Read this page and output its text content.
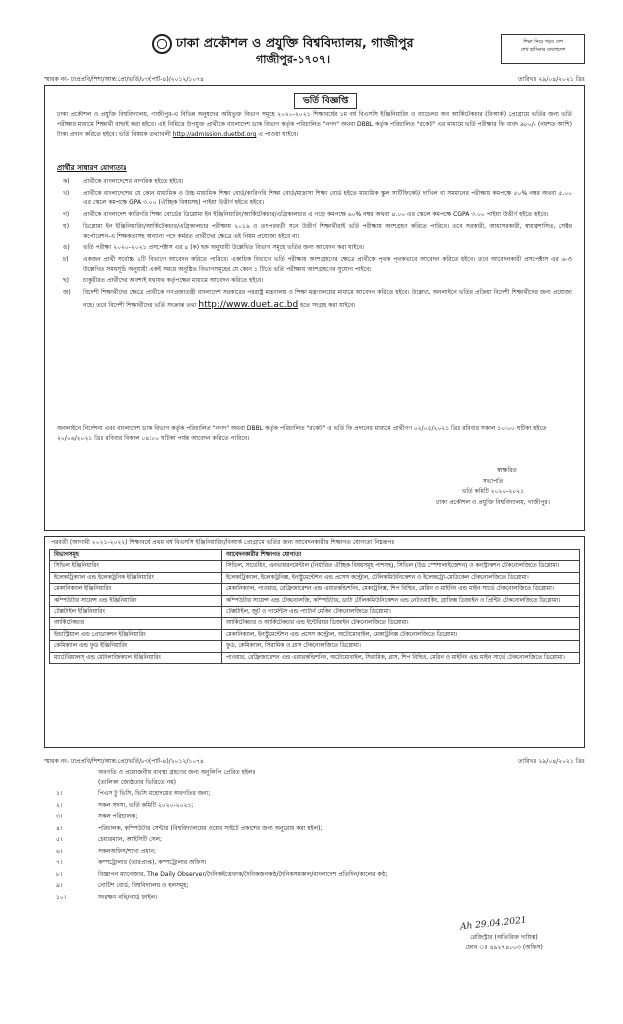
ঢাকা প্রকৌশল ও প্রযুক্তি বিশ্ববিদ্যালয়, গাজীপুর
গাজীপুর-১৭০৭।
শিক্ষা নিয়ে গড়ব দেশ
শেখ হাসিনার বাংলাদেশ
স্মারক নং- ঢাপ্রপ্রবি/শিশা/আন্ত:প্রো/ভর্তি/৮৩(পার্ট-৪)/২০১২/১০৭৪	তারিখঃ ২৯/০৪/২০২১ খ্রিঃ
ভর্তি বিজ্ঞপ্তি
ঢাকা প্রকৌশল ও প্রযুক্তি বিশ্ববিদ্যালয়, গাজীপুর-এ বিভিন্ন অনুষদের অধিভুক্ত বিভাগ সমূহে ২০২০-২০২১ শিক্ষাবর্ষের ১ম বর্ষ বিএসসি ইঞ্জিনিয়ারিং ও ব্যাচেলর অব আর্কিটেকচার (বিআর্ক) প্রোগ্রামে ভর্তির জন্য ভর্তি পরীক্ষার মাধ্যমে শিক্ষার্থী বাছাই করা হইবে। এই নিমিত্তে উপযুক্ত প্রার্থীকে বাংলাদেশ ডাক বিভাগ কর্তৃক পরিচালিত "নগদ" অথবা DBBL কর্তৃক পরিচালিত "রকেট" এর মাধ্যমে ভর্তি পরীক্ষার ফি বাবদ ৯৮০/- (নয়শত আশি) টাকা প্রদান করিতে হইবে। ভর্তি বিষয়ক তথ্যাবলী http://admission.duetbd.org এ পাওয়া যাইবে।
প্রার্থীর সাধারণ যোগ্যতাঃ
ক) প্রার্থীকে বাংলাদেশের নাগরিক হইতে হইবে।
খ) প্রার্থীকে বাংলাদেশের যে কোন মাধ্যমিক ও উচ্চ মাধ্যমিক শিক্ষা বোর্ড/কারিগরি শিক্ষা বোর্ড/মাদ্রাসা শিক্ষা বোর্ড হইতে মাধ্যমিক স্কুল সার্টিফিকেট/ দাখিল বা সমমানের পরীক্ষায় কমপক্ষে ৫০% নম্বর অথবা ৫.০০ এর স্কেলে কমপক্ষে GPA ৩.০০ (ঐচ্ছিক বিষয়সহ) পাইয়া উত্তীর্ণ হইতে হইবে।
গ) প্রার্থীকে বাংলাদেশ কারিগরি শিক্ষা বোর্ডের ডিপ্লোমা ইন ইঞ্জিনিয়ারিং/আর্কিটেকচার/এগ্রিকালচার এ গড়ে কমপক্ষে ৬০% নম্বর অথবা ৪.০০ এর স্কেলে কমপক্ষে CGPA ৩.০০ পাইয়া উত্তীর্ণ হইতে হইবে।
ঘ) ডিপ্লোমা ইন ইঞ্জিনিয়ারিং/আর্কিটেকচার/এগ্রিকালচার পরীক্ষায় ২০১৯ ও তৎপরবর্তী সনে উত্তীর্ণ শিক্ষার্থীরাই ভর্তি পরীক্ষায় অংশগ্রহণ করিতে পারিবে। তবে সরকারী, আধাসরকারী, স্বায়ত্বশাসিত, সেক্টর কর্পোরেশন-এ শিক্ষকতাসহ অন্যান্য পদে কর্মরত প্রার্থীদের ক্ষেত্রে এই নিয়ম প্রযোজ্য হইবে না।
ঙ) ভর্তি পরীক্ষা ২০২০-২০২১ প্রসপেক্টাস এর ৪ (ক) ছক অনুযায়ী উল্লেখিত বিভাগ সমূহে ভর্তির জন্য আবেদন করা যাইবে।
চ) একজন প্রার্থী সর্বোচ্চ ২টি বিভাগে আবেদন করিতে পারিবে। একাধিক বিভাগে ভর্তি পরীক্ষায় অংশগ্রহণের ক্ষেত্রে প্রার্থীকে পৃথক পৃথকভাবে আবেদন করিতে হইবে। তবে আবেদনকারী প্রসপেক্টাস এর ৬-ও উল্লেখিত সময়সূচি অনুযায়ী একই সময়ে অনুষ্ঠিত বিভাগসমূহের যে কোন ১ টিতে ভর্তি পরীক্ষায় অংশগ্রহণের সুযোগ পাইবে।
ছ) চাকুরীরত প্রার্থীদের অবশ্যই যথাযথ কর্তৃপক্ষের মাধ্যমে আবেদন করিতে হইবে।
জ) বিদেশী শিক্ষার্থীদের ক্ষেত্রে প্রার্থীকে গণপ্রজাতন্ত্রী বাংলাদেশ সরকারের পররাষ্ট্র মন্ত্রণালয় ও শিক্ষা মন্ত্রণালয়ের মাধ্যমে আবেদন করিতে হইবে। উল্লেখ্য, অনলাইনে ভর্তির প্রক্রিয়া বিদেশী শিক্ষার্থীদের জন্য প্রযোজ্য নহে। তবে বিদেশী শিক্ষার্থীদের ভর্তি সংক্রান্ত তথ্য http://www.duet.ac.bd হতে সংগ্রহ করা যাইবে।
অনলাইনে নির্দেশনা এবং বাংলাদেশ ডাক বিভাগ কর্তৃক পরিচালিত "নগদ" অথবা DBBL কর্তৃক পরিচালিত "রকেট" এ ভর্তি ফি প্রদানের মাধ্যমে প্রার্থীগণ ০২/০৫/২০২১ খ্রিঃ রবিবার সকাল ১০:০০ ঘটিকা হইতে ২০/০৬/২০২১ খ্রিঃ রবিবার বিকাল ০৪:০০ ঘটিকা পর্যন্ত আবেদন করিতে পারিবে।
স্বাক্ষরিত
সভাপতি
ভর্তি কমিটি ২০২০-২০২১
ঢাকা প্রকৌশল ও প্রযুক্তি বিশ্ববিদ্যালয়, গাজীপুর।
পরবর্তী (আগামী ২০২১-২০২২) শিক্ষাবর্ষে প্রথম বর্ষ বিএসসি ইঞ্জিনিয়ারিং/বিআর্ক প্রোগ্রামে ভর্তির জন্য আবেদনকারীর শিক্ষাগত যোগ্যতা নিম্নরূপঃ
বিভাগসমূহ	আবেদনকারীর শিক্ষাগত যোগ্যতা
সিভিল ইঞ্জিনিয়ারিং	সিভিল, সার্ভেয়িং, এনভায়রনমেন্টাল (নির্ধারিত ঐচ্ছিক বিষয়সমূহ পাশসহ), সিভিল (উড স্পেশালাইজেশন) ও কনস্ট্রাকশন টেকনোলজিতে ডিপ্লোমা।
ইলেকট্রিক্যাল এন্ড ইলেকট্রনিক ইঞ্জিনিয়ারিং	ইলেকট্রিক্যাল, ইলেকট্রনিক্স, ইনস্ট্রুমেন্টেশন এন্ড প্রসেস কন্ট্রোল, টেলিকমিউনিকেশন ও ইলেকট্রো-মেডিকেল টেকনোলজিতে ডিপ্লোমা।
মেকানিক্যাল ইঞ্জিনিয়ারিং	মেকানিক্যাল, পাওয়ার, রেফ্রিজারেশন এন্ড এয়ারকন্ডিশনিং, মেকাট্রনিক্স, শিপ বিল্ডিং, মেরিন ও মাইনিং এন্ড মাইন সার্ভে টেকনোলজিতে ডিপ্লোমা।
কম্পিউটার সায়েন্স এন্ড ইঞ্জিনিয়ারিং	কম্পিউটার সায়েন্স এন্ড টেকনোলজি, কম্পিউটার, ডাটা টেলিকমিউনিকেশন এন্ড নেটওয়ার্কিং, গ্রাফিক্স ডিজাইন ও প্রিন্টিং টেকনোলজিতে ডিপ্লোমা।
টেক্সটাইল ইঞ্জিনিয়ারিং	টেক্সটাইল, জুট ও গার্মেন্টস এন্ড প্যাটার্ন মেকিং টেকনোলজিতে ডিপ্লোমা।
আর্কিটেকচার	আর্কিটেকচার ও আর্কিটেকচার এন্ড ইন্টেরিয়র ডিজাইন টেকনোলজিতে ডিপ্লোমা।
ইন্ডাস্ট্রিয়াল এন্ড প্রোডাকশন ইঞ্জিনিয়ারিং	মেকানিক্যাল, ইনস্ট্রুমেন্টেশন এন্ড প্রসেস কন্ট্রোল, অটোমোবাইল, মেকাট্রনিক্স টেকনোলজিতে ডিপ্লোমা।
কেমিক্যাল এন্ড ফুড ইঞ্জিনিয়ারিং	ফুড, কেমিক্যাল, সিরামিক ও গ্লাস টেকনোলজিতে ডিপ্লোমা।
ম্যাটেরিয়ালস্‌ এন্ড মেটালার্জিক্যাল ইঞ্জিনিয়ারিং	পাওয়ার, রেফ্রিজারেশন এন্ড এয়ারকন্ডিশনিং, অটোমোবাইল, সিরামিক, গ্লাস, শিপ বিল্ডিং, মেরিন ও মাইনিং এন্ড মাইন সার্ভে টেকনোলজিতে ডিপ্লোমা।
স্মারক নং- ঢাপ্রপ্রবি/শিশা/আন্ত:প্রো/ভর্তি/৮৩(পার্ট-৪)/২০১২/১০৭৪	তারিখঃ ২৯/০৪/২০২১ খ্রিঃ
অবগতি ও প্রয়োজনীয় ব্যবস্থা গ্রহণের জন্য অনুলিপি প্রেরিত হইলঃ
(তালিকা জ্যেষ্ঠতার ভিত্তিতে নয়)
১।	পিএস টু ভিসি, ভিসি মহোদয়ের অবগতির জন্য;
২।	সকল সদস্য, ভর্তি কমিটি ২০২০-২০২১;
৩।	সকল পরিচালক;
৪।	পরিচালক, কম্পিউটার সেন্টার (বিশ্ববিদ্যালয়ের ওয়েব সাইটে প্রকাশের জন্য অনুরোধ করা হইল);
৫।	চেয়ারম্যান, আইসিটি সেল;
৬।	সকলঅফিস/শাখা প্রধান;
৭।	কম্পট্রোলার (ভারপ্রাপ্ত), কম্পট্রোলার অফিস।
৮।	বিজ্ঞাপন ম্যানেজার, The Daily Observer/দৈনিকইত্তেফাক/দৈনিকজনকণ্ঠ/দৈনিকসমকাল/বাংলাদেশ প্রতিদিন/কালের কণ্ঠ;
৯।	নোটিশ বোর্ড, বিশ্ববিদ্যালয় ও হলসমূহ;
১০।	সংরক্ষণ নথি/গার্ড ফাইল।
Ah 29.04.2021
রেজিস্ট্রার (অতিরিক্ত দায়িত্ব)
ফোন ঃ ৪৯২৭৪০০৩ (অফিস)
